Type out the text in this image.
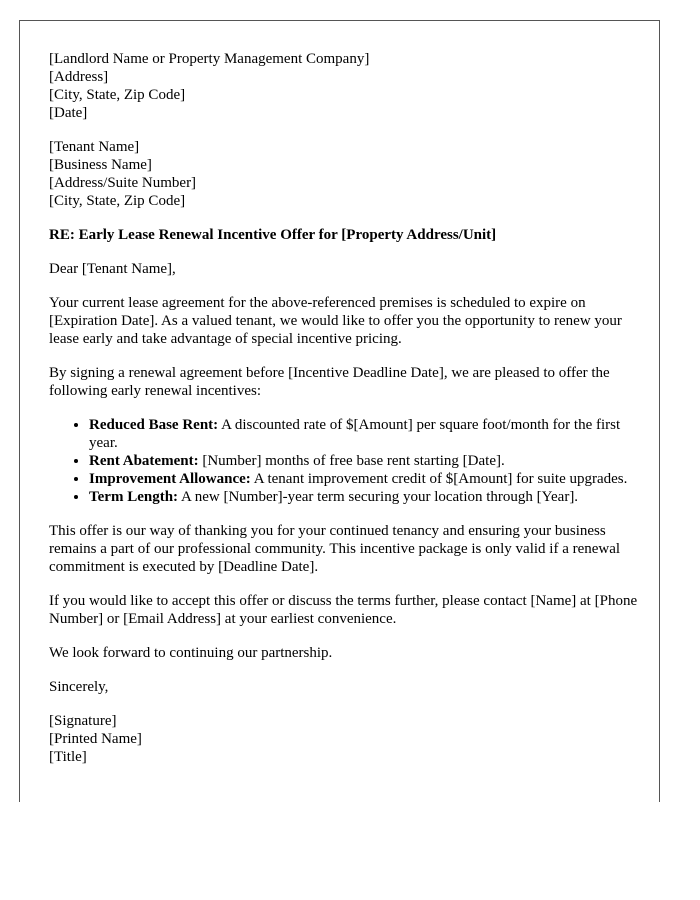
[Landlord Name or Property Management Company]
[Address]
[City, State, Zip Code]
[Date]
[Tenant Name]
[Business Name]
[Address/Suite Number]
[City, State, Zip Code]

RE: Early Lease Renewal Incentive Offer for [Property Address/Unit]

Dear [Tenant Name],

Your current lease agreement for the above-referenced premises is scheduled to expire on [Expiration Date]. As a valued tenant, we would like to offer you the opportunity to renew your lease early and take advantage of special incentive pricing.

By signing a renewal agreement before [Incentive Deadline Date], we are pleased to offer the following early renewal incentives:

• Reduced Base Rent: A discounted rate of $[Amount] per square foot/month for the first year.
• Rent Abatement: [Number] months of free base rent starting [Date].
• Improvement Allowance: A tenant improvement credit of $[Amount] for suite upgrades.
• Term Length: A new [Number]-year term securing your location through [Year].

This offer is our way of thanking you for your continued tenancy and ensuring your business remains a part of our professional community. This incentive package is only valid if a renewal commitment is executed by [Deadline Date].

If you would like to accept this offer or discuss the terms further, please contact [Name] at [Phone Number] or [Email Address] at your earliest convenience.

We look forward to continuing our partnership.

Sincerely,

[Signature]
[Printed Name]
[Title]
